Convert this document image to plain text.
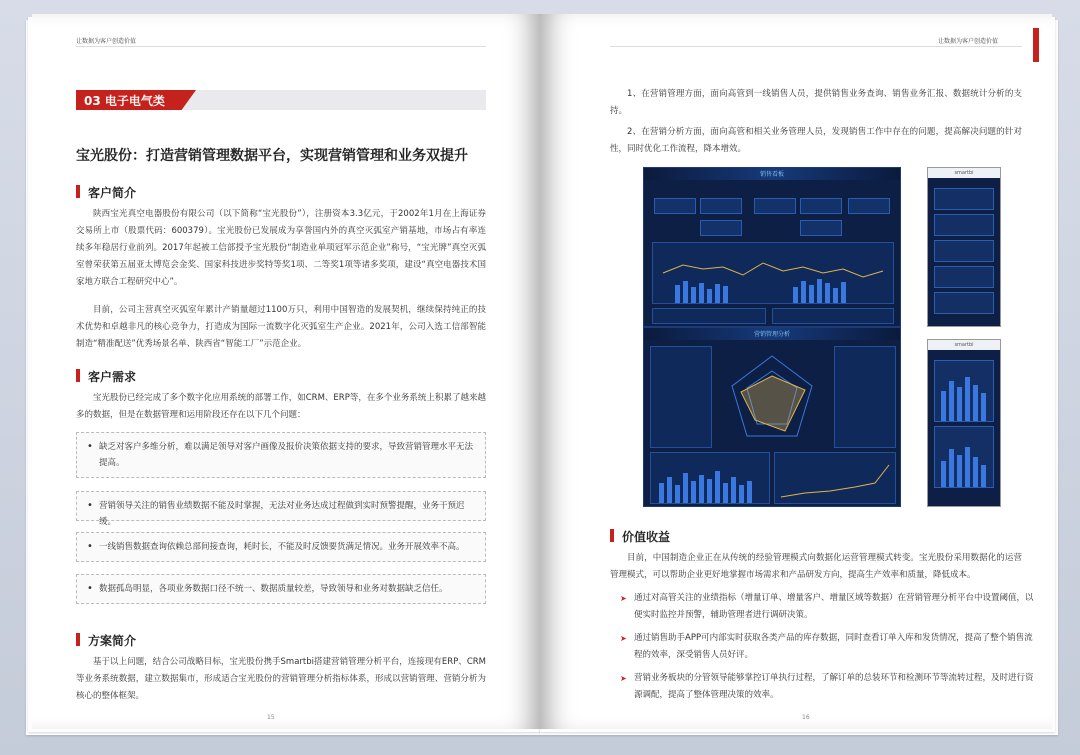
让数据为客户创造价值
03 电子电气类
宝光股份：打造营销管理数据平台，实现营销管理和业务双提升
客户简介
陕西宝光真空电器股份有限公司（以下简称“宝光股份”），注册资本3.3亿元，于2002年1月在上海证券交易所上市（股票代码：600379）。宝光股份已发展成为享誉国内外的真空灭弧室产销基地，市场占有率连续多年稳居行业前列。2017年起被工信部授予宝光股份“制造业单项冠军示范企业”称号，“宝光牌”真空灭弧室曾荣获第五届亚太博览会金奖、国家科技进步奖特等奖1项、二等奖1项等诸多奖项，建设“真空电器技术国家地方联合工程研究中心”。
目前，公司主营真空灭弧室年累计产销量超过1100万只，利用中国智造的发展契机，继续保持纯正的技术优势和卓越非凡的核心竞争力，打造成为国际一流数字化灭弧室生产企业。2021年，公司入选工信部智能制造“精准配送”优秀场景名单、陕西省“智能工厂”示范企业。
客户需求
宝光股份已经完成了多个数字化应用系统的部署工作，如CRM、ERP等，在多个业务系统上积累了越来越多的数据，但是在数据管理和运用阶段还存在以下几个问题：
• 缺乏对客户多维分析，难以满足领导对客户画像及报价决策依据支持的要求，导致营销管理水平无法提高。
• 营销领导关注的销售业绩数据不能及时掌握，无法对业务达成过程做到实时预警提醒，业务干预迟缓。
• 一线销售数据查询依赖总部间接查询，耗时长，不能及时反馈要货满足情况。业务开展效率不高。
• 数据孤岛明显，各项业务数据口径不统一、数据质量较差，导致领导和业务对数据缺乏信任。
方案简介
基于以上问题，结合公司战略目标，宝光股份携手Smartbi搭建营销管理分析平台，连接现有ERP、CRM等业务系统数据，建立数据集市，形成适合宝光股份的营销管理分析指标体系，形成以营销管理、营销分析为核心的整体框架。
15
让数据为客户创造价值
1、在营销管理方面，面向高管到一线销售人员，提供销售业务查询、销售业务汇报、数据统计分析的支持。
2、在营销分析方面，面向高管和相关业务管理人员，发现销售工作中存在的问题，提高解决问题的针对性，同时优化工作流程，降本增效。
销售看板
营销管理分析
smartbi
smartbi
价值收益
目前，中国制造企业正在从传统的经验管理模式向数据化运营管理模式转变。宝光股份采用数据化的运营管理模式，可以帮助企业更好地掌握市场需求和产品研发方向，提高生产效率和质量，降低成本。
➤ 通过对高管关注的业绩指标（增量订单、增量客户、增量区域等数据）在营销管理分析平台中设置阈值，以便实时监控并预警，辅助管理者进行调研决策。
➤ 通过销售助手APP可内部实时获取各类产品的库存数据，同时查看订单入库和发货情况，提高了整个销售流程的效率，深受销售人员好评。
➤ 营销业务板块的分管领导能够掌控订单执行过程，了解订单的总装环节和检测环节等流转过程，及时进行资源调配，提高了整体管理决策的效率。
16
